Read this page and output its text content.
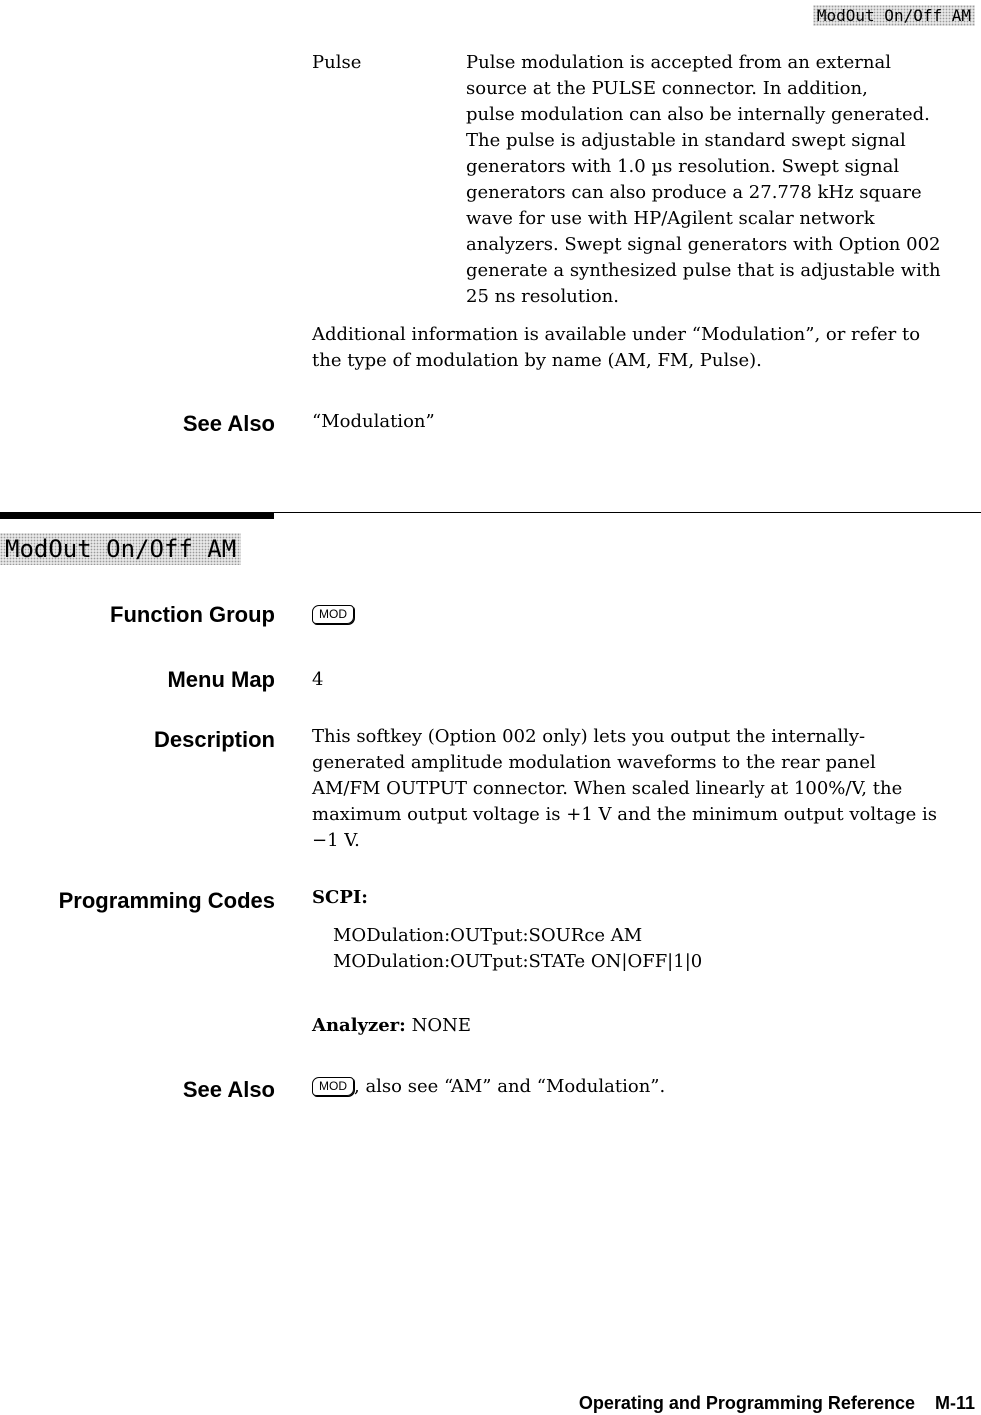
ModOut On/Off AM
Pulse	Pulse modulation is accepted from an external

source at the PULSE connector. In addition,

pulse modulation can also be internally generated.

The pulse is adjustable in standard swept signal

generators with 1.0 µs resolution. Swept signal

generators can also produce a 27.778 kHz square

wave for use with HP/Agilent scalar network

analyzers. Swept signal generators with Option 002

generate a synthesized pulse that is adjustable with

25 ns resolution.

Additional information is available under “Modulation”, or refer to

the type of modulation by name (AM, FM, Pulse).

See Also “Modulation”
ModOut On/Off AM
Function Group	MOD
Menu Map 4
Description This softkey (Option 002 only) lets you output the internally-

generated amplitude modulation waveforms to the rear panel

AM/FM OUTPUT connector. When scaled linearly at 100%/V, the

maximum output voltage is +1 V and the minimum output voltage is

−1 V.

Programming Codes SCPI:

MODulation:OUTput:SOURce AM

MODulation:OUTput:STATe ON|OFF|1|0

Analyzer: NONE
See Also	MOD , also see “AM” and “Modulation”.
Operating and Programming Reference M-11
